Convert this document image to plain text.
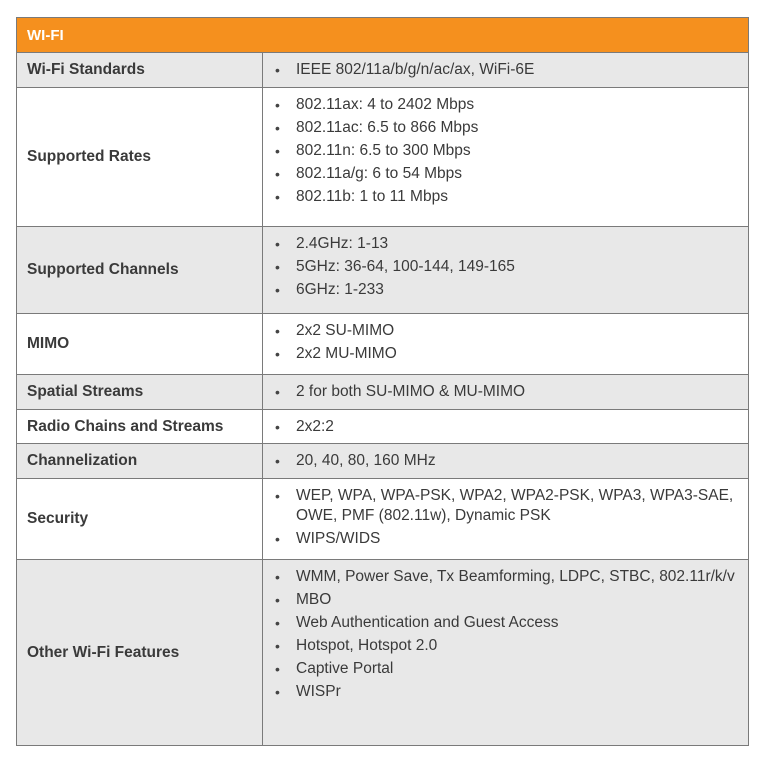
WI-FI
Wi-Fi Standards	• IEEE 802/11a/b/g/n/ac/ax, WiFi-6E
Supported Rates
• 802.11ax: 4 to 2402 Mbps
• 802.11ac: 6.5 to 866 Mbps
• 802.11n: 6.5 to 300 Mbps
• 802.11a/g: 6 to 54 Mbps
• 802.11b: 1 to 11 Mbps
Supported Channels
• 2.4GHz: 1-13
• 5GHz: 36-64, 100-144, 149-165
• 6GHz: 1-233
MIMO
• 2x2 SU-MIMO
• 2x2 MU-MIMO
Spatial Streams	• 2 for both SU-MIMO & MU-MIMO
Radio Chains and Streams	• 2x2:2
Channelization	• 20, 40, 80, 160 MHz
Security
• WEP, WPA, WPA-PSK, WPA2, WPA2-PSK, WPA3, WPA3-SAE, OWE, PMF (802.11w), Dynamic PSK
• WIPS/WIDS
Other Wi-Fi Features
• WMM, Power Save, Tx Beamforming, LDPC, STBC, 802.11r/k/v
• MBO
• Web Authentication and Guest Access
• Hotspot, Hotspot 2.0
• Captive Portal
• WISPr
